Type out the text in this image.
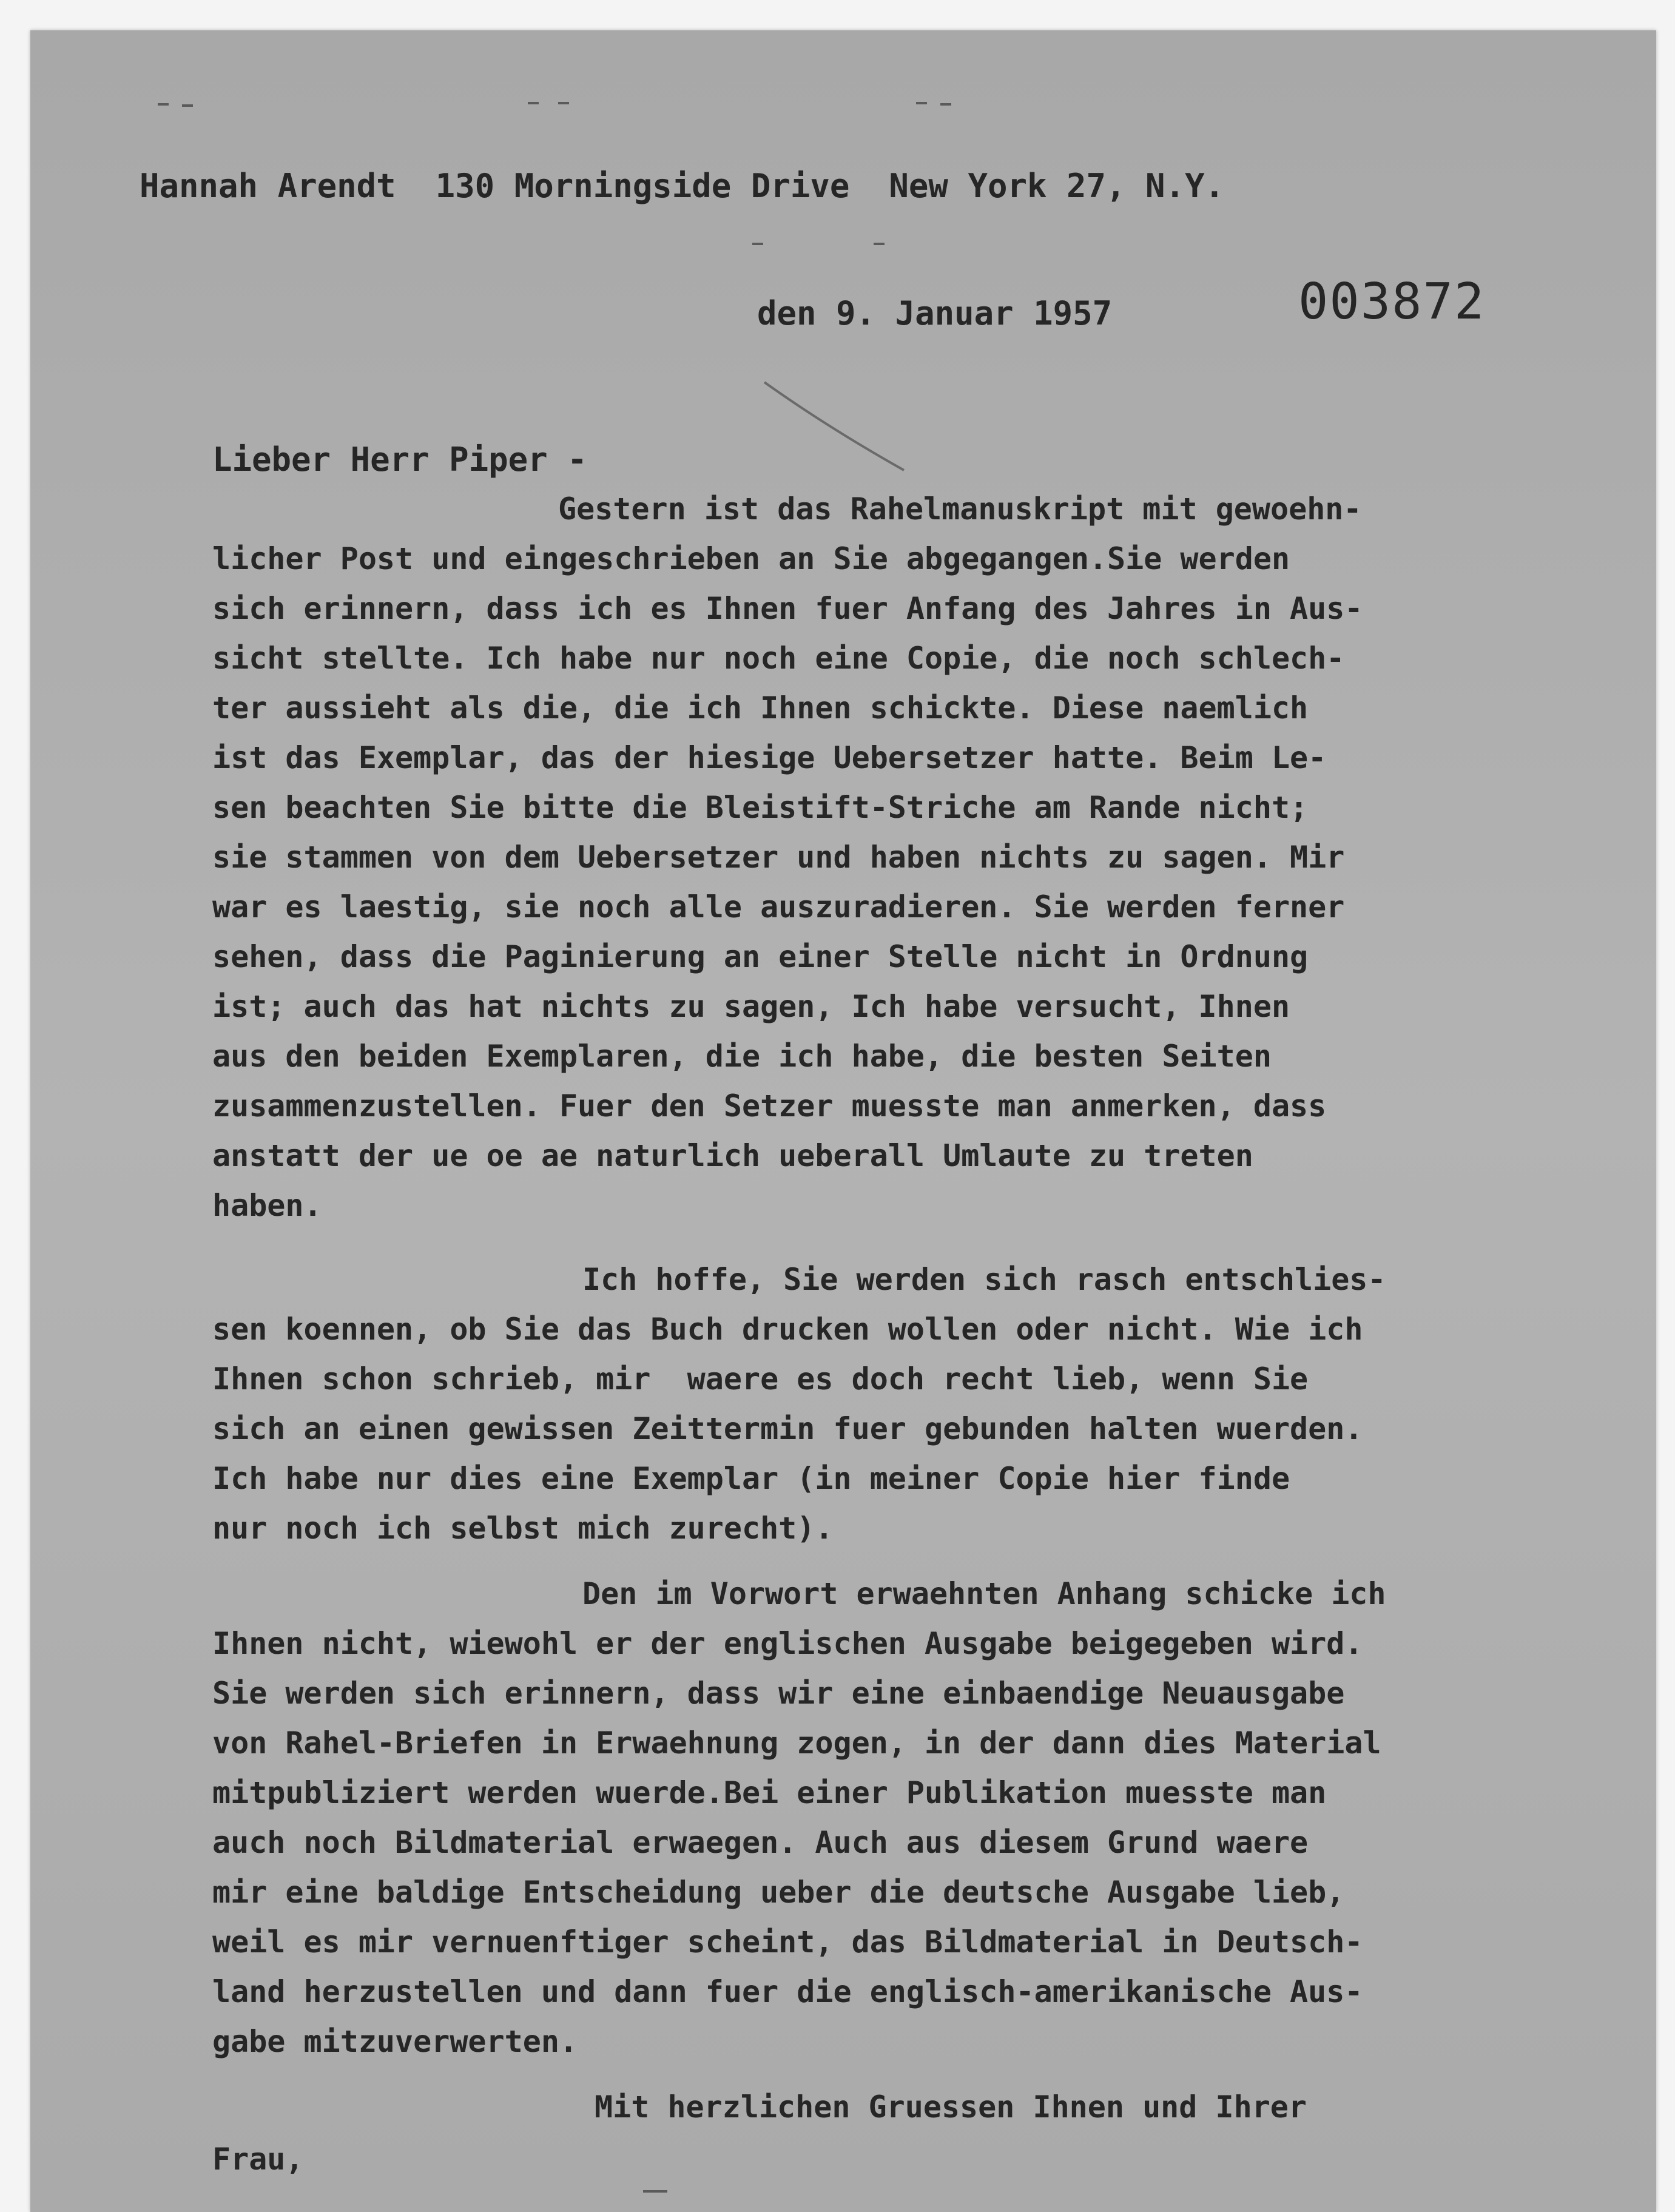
Hannah Arendt  130 Morningside Drive  New York 27, N.Y.
den 9. Januar 1957	003872
Lieber Herr Piper -
Gestern ist das Rahelmanuskript mit gewoehn-
licher Post und eingeschrieben an Sie abgegangen.Sie werden
sich erinnern, dass ich es Ihnen fuer Anfang des Jahres in Aus-
sicht stellte. Ich habe nur noch eine Copie, die noch schlech-
ter aussieht als die, die ich Ihnen schickte. Diese naemlich
ist das Exemplar, das der hiesige Uebersetzer hatte. Beim Le-
sen beachten Sie bitte die Bleistift-Striche am Rande nicht;
sie stammen von dem Uebersetzer und haben nichts zu sagen. Mir
war es laestig, sie noch alle auszuradieren. Sie werden ferner
sehen, dass die Paginierung an einer Stelle nicht in Ordnung
ist; auch das hat nichts zu sagen, Ich habe versucht, Ihnen
aus den beiden Exemplaren, die ich habe, die besten Seiten
zusammenzustellen. Fuer den Setzer muesste man anmerken, dass
anstatt der ue oe ae naturlich ueberall Umlaute zu treten
haben.
Ich hoffe, Sie werden sich rasch entschlies-
sen koennen, ob Sie das Buch drucken wollen oder nicht. Wie ich
Ihnen schon schrieb, mir  waere es doch recht lieb, wenn Sie
sich an einen gewissen Zeittermin fuer gebunden halten wuerden.
Ich habe nur dies eine Exemplar (in meiner Copie hier finde
nur noch ich selbst mich zurecht).
Den im Vorwort erwaehnten Anhang schicke ich
Ihnen nicht, wiewohl er der englischen Ausgabe beigegeben wird.
Sie werden sich erinnern, dass wir eine einbaendige Neuausgabe
von Rahel-Briefen in Erwaehnung zogen, in der dann dies Material
mitpubliziert werden wuerde.Bei einer Publikation muesste man
auch noch Bildmaterial erwaegen. Auch aus diesem Grund waere
mir eine baldige Entscheidung ueber die deutsche Ausgabe lieb,
weil es mir vernuenftiger scheint, das Bildmaterial in Deutsch-
land herzustellen und dann fuer die englisch-amerikanische Aus-
gabe mitzuverwerten.
Mit herzlichen Gruessen Ihnen und Ihrer
Frau,
